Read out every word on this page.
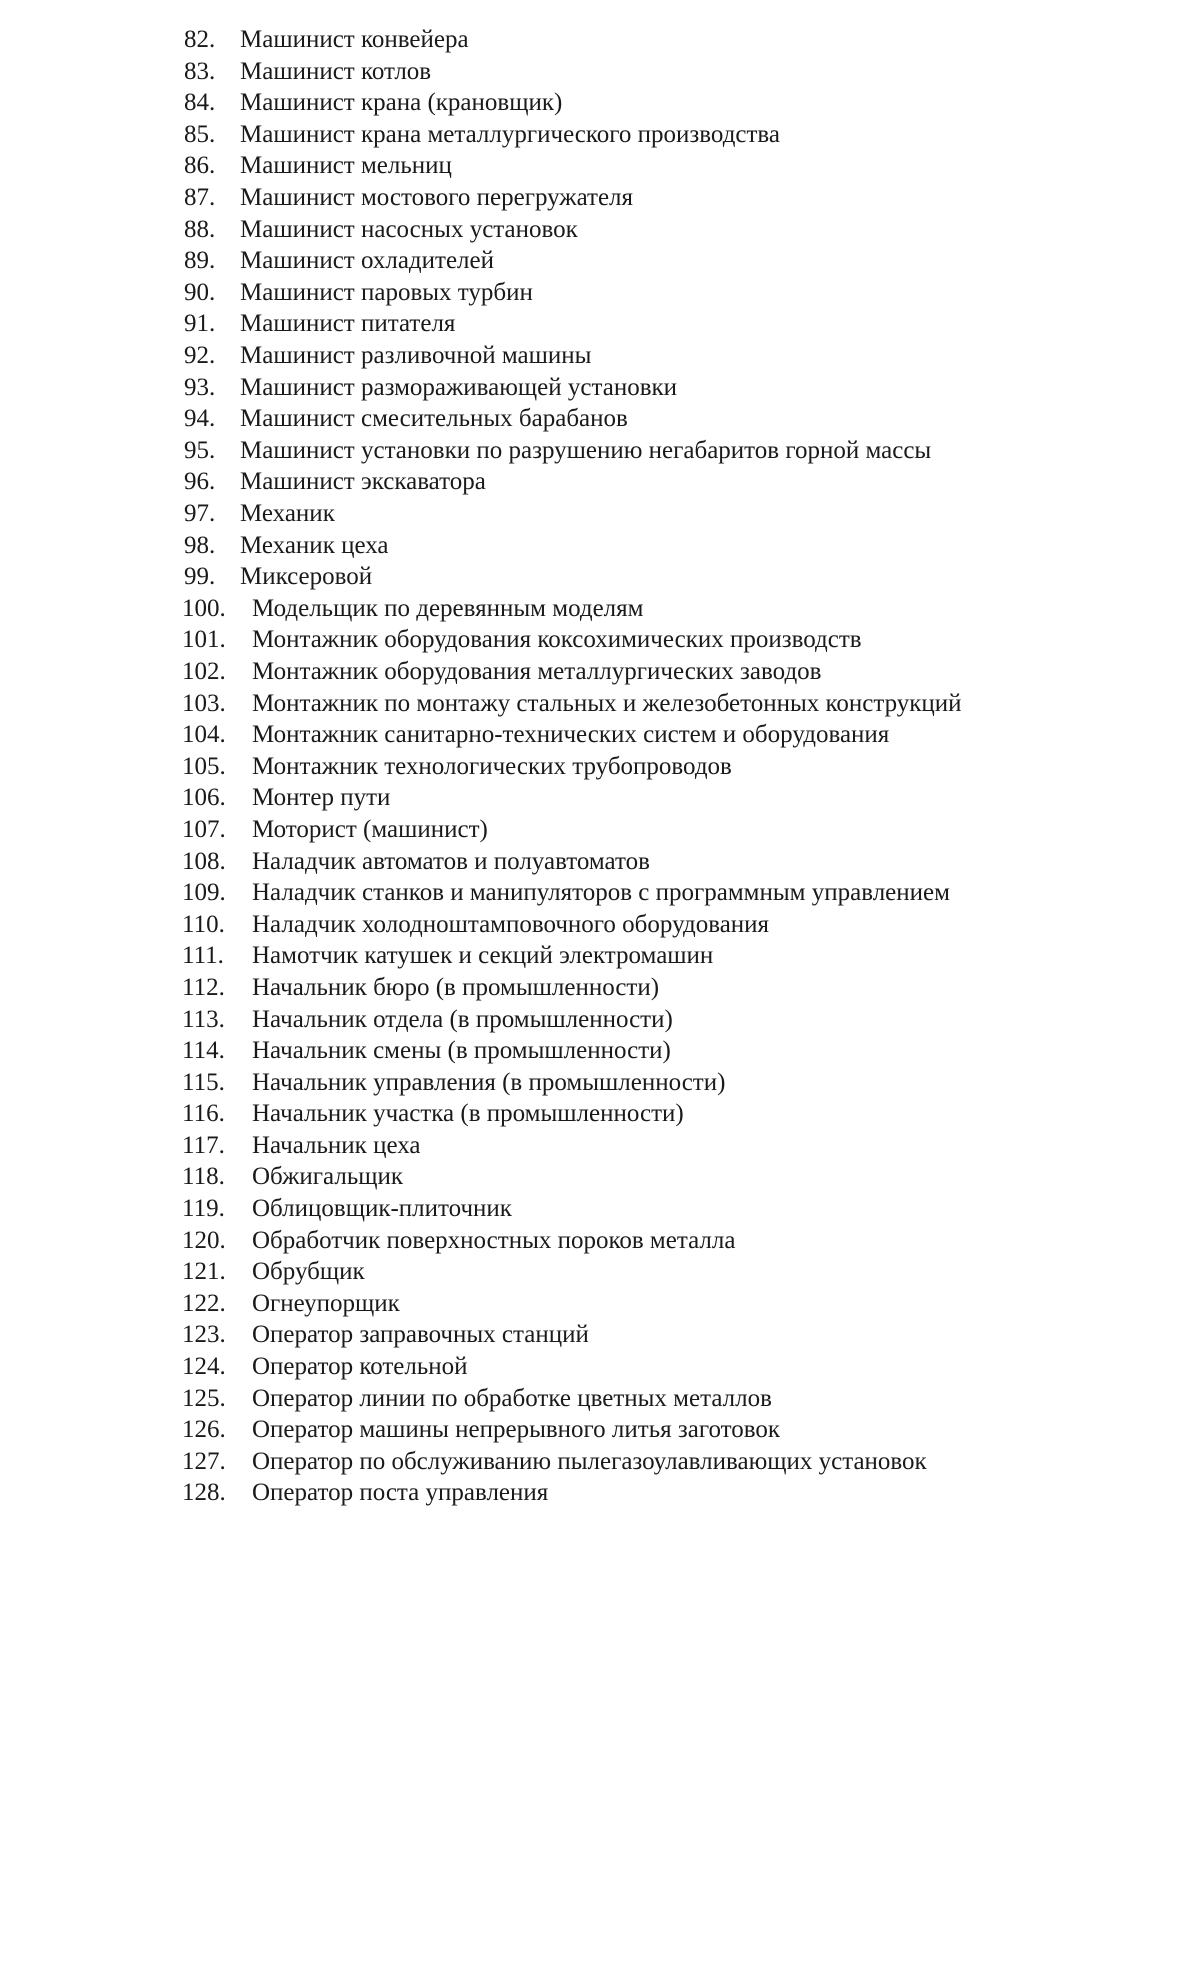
82. Машинист конвейера
83. Машинист котлов
84. Машинист крана (крановщик)
85. Машинист крана металлургического производства
86. Машинист мельниц
87. Машинист мостового перегружателя
88. Машинист насосных установок
89. Машинист охладителей
90. Машинист паровых турбин
91. Машинист питателя
92. Машинист разливочной машины
93. Машинист размораживающей установки
94. Машинист смесительных барабанов
95. Машинист установки по разрушению негабаритов горной массы
96. Машинист экскаватора
97. Механик
98. Механик цеха
99. Миксеровой
100.	Модельщик по деревянным моделям
101.	Монтажник оборудования коксохимических производств
102.	Монтажник оборудования металлургических заводов
103.	Монтажник по монтажу стальных и железобетонных конструкций
104.	Монтажник санитарно-технических систем и оборудования
105.	Монтажник технологических трубопроводов
106.	Монтер пути
107.	Моторист (машинист)
108.	Наладчик автоматов и полуавтоматов
109.	Наладчик станков и манипуляторов с программным управлением
110.	Наладчик холодноштамповочного оборудования
111.	Намотчик катушек и секций электромашин
112.	Начальник бюро (в промышленности)
113.	Начальник отдела (в промышленности)
114.	Начальник смены (в промышленности)
115.	Начальник управления (в промышленности)
116.	Начальник участка (в промышленности)
117.	Начальник цеха
118.	Обжигальщик
119.	Облицовщик-плиточник
120.	Обработчик поверхностных пороков металла
121.	Обрубщик
122.	Огнеупорщик
123.	Оператор заправочных станций
124.	Оператор котельной
125.	Оператор линии по обработке цветных металлов
126.	Оператор машины непрерывного литья заготовок
127.	Оператор по обслуживанию пылегазоулавливающих установок
128.	Оператор поста управления
